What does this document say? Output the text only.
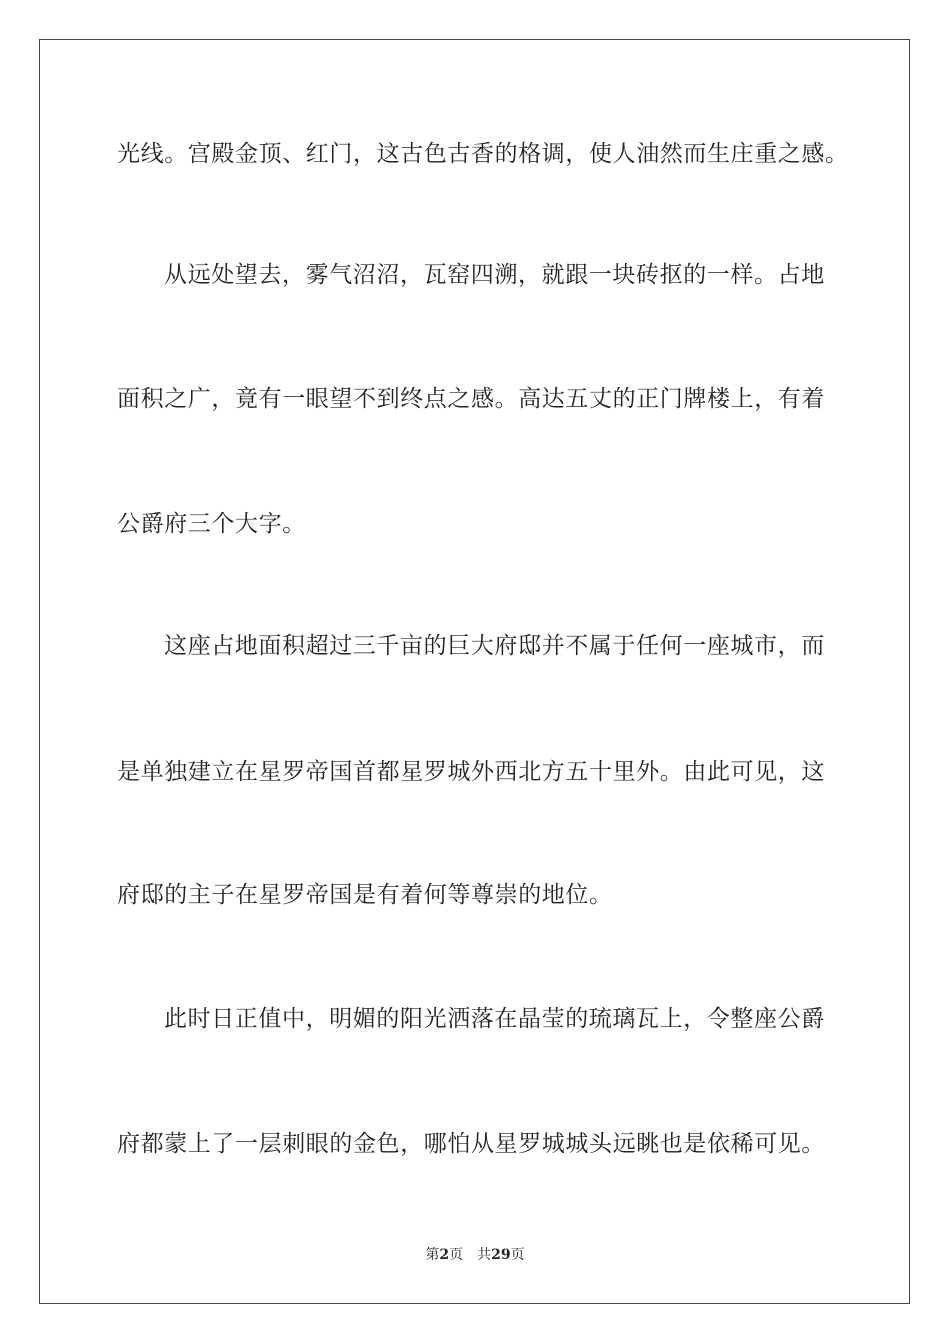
光线。宫殿金顶、红门，这古色古香的格调，使人油然而生庄重之感。
从远处望去，雾气沼沼，瓦窑四溯，就跟一块砖抠的一样。占地
面积之广，竟有一眼望不到终点之感。高达五丈的正门牌楼上，有着
公爵府三个大字。
这座占地面积超过三千亩的巨大府邸并不属于任何一座城市，而
是单独建立在星罗帝国首都星罗城外西北方五十里外。由此可见，这
府邸的主子在星罗帝国是有着何等尊崇的地位。
此时日正值中，明媚的阳光洒落在晶莹的琉璃瓦上，令整座公爵
府都蒙上了一层刺眼的金色，哪怕从星罗城城头远眺也是依稀可见。
第2页 共29页
